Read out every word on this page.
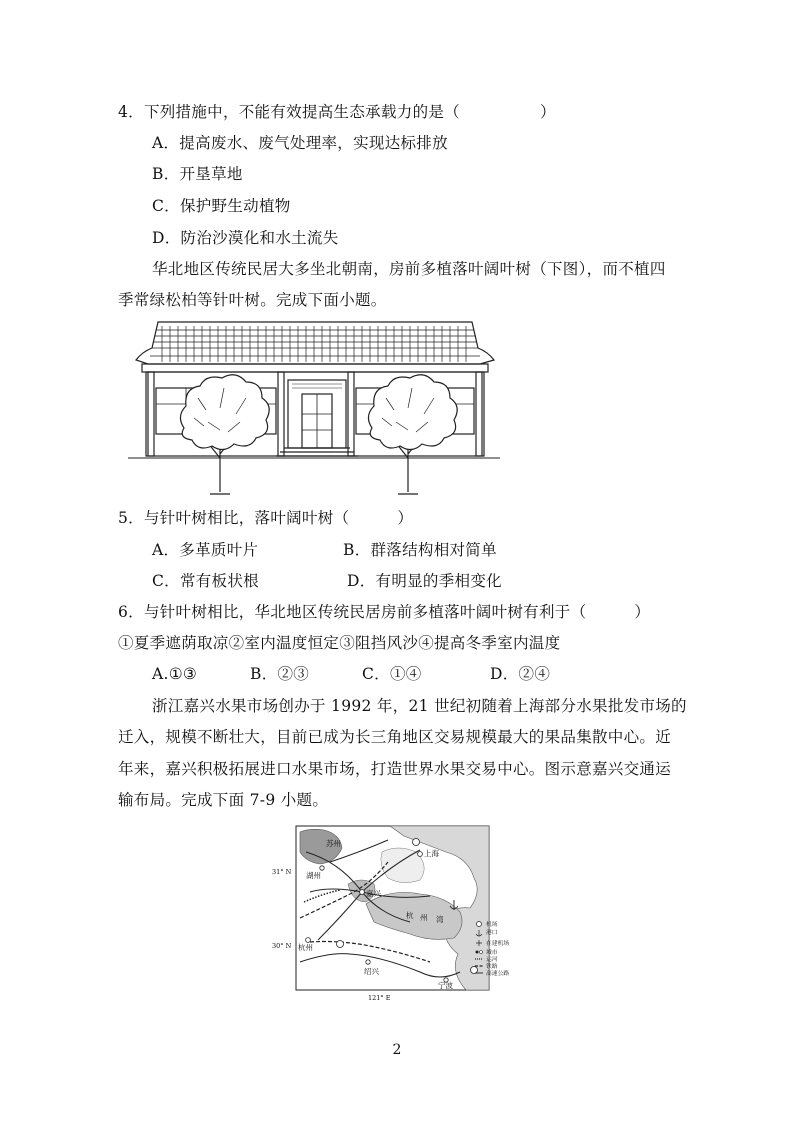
4．下列措施中，不能有效提高生态承载力的是（	）
A．提高废水、废气处理率，实现达标排放
B．开垦草地
C．保护野生动植物
D．防治沙漠化和水土流失
华北地区传统民居大多坐北朝南，房前多植落叶阔叶树（下图），而不植四
季常绿松柏等针叶树。完成下面小题。
5．与针叶树相比，落叶阔叶树（	）
A．多革质叶片	B．群落结构相对简单
C．常有板状根	D．有明显的季相变化
6．与针叶树相比，华北地区传统民居房前多植落叶阔叶树有利于（	）
①夏季遮荫取凉②室内温度恒定③阻挡风沙④提高冬季室内温度
A.①③	B．②③	C．①④	D．②④
浙江嘉兴水果市场创办于 1992 年，21 世纪初随着上海部分水果批发市场的
迁入，规模不断壮大，目前已成为长三角地区交易规模最大的果品集散中心。近
年来，嘉兴积极拓展进口水果市场，打造世界水果交易中心。图示意嘉兴交通运
输布局。完成下面 7-9 小题。
苏州
湖州
嘉兴
上海
杭州
绍兴
宁波
杭 州 湾
31° N
30° N
121° E
机场
港口
在建机场
城市
运河
铁路
高速公路
2
